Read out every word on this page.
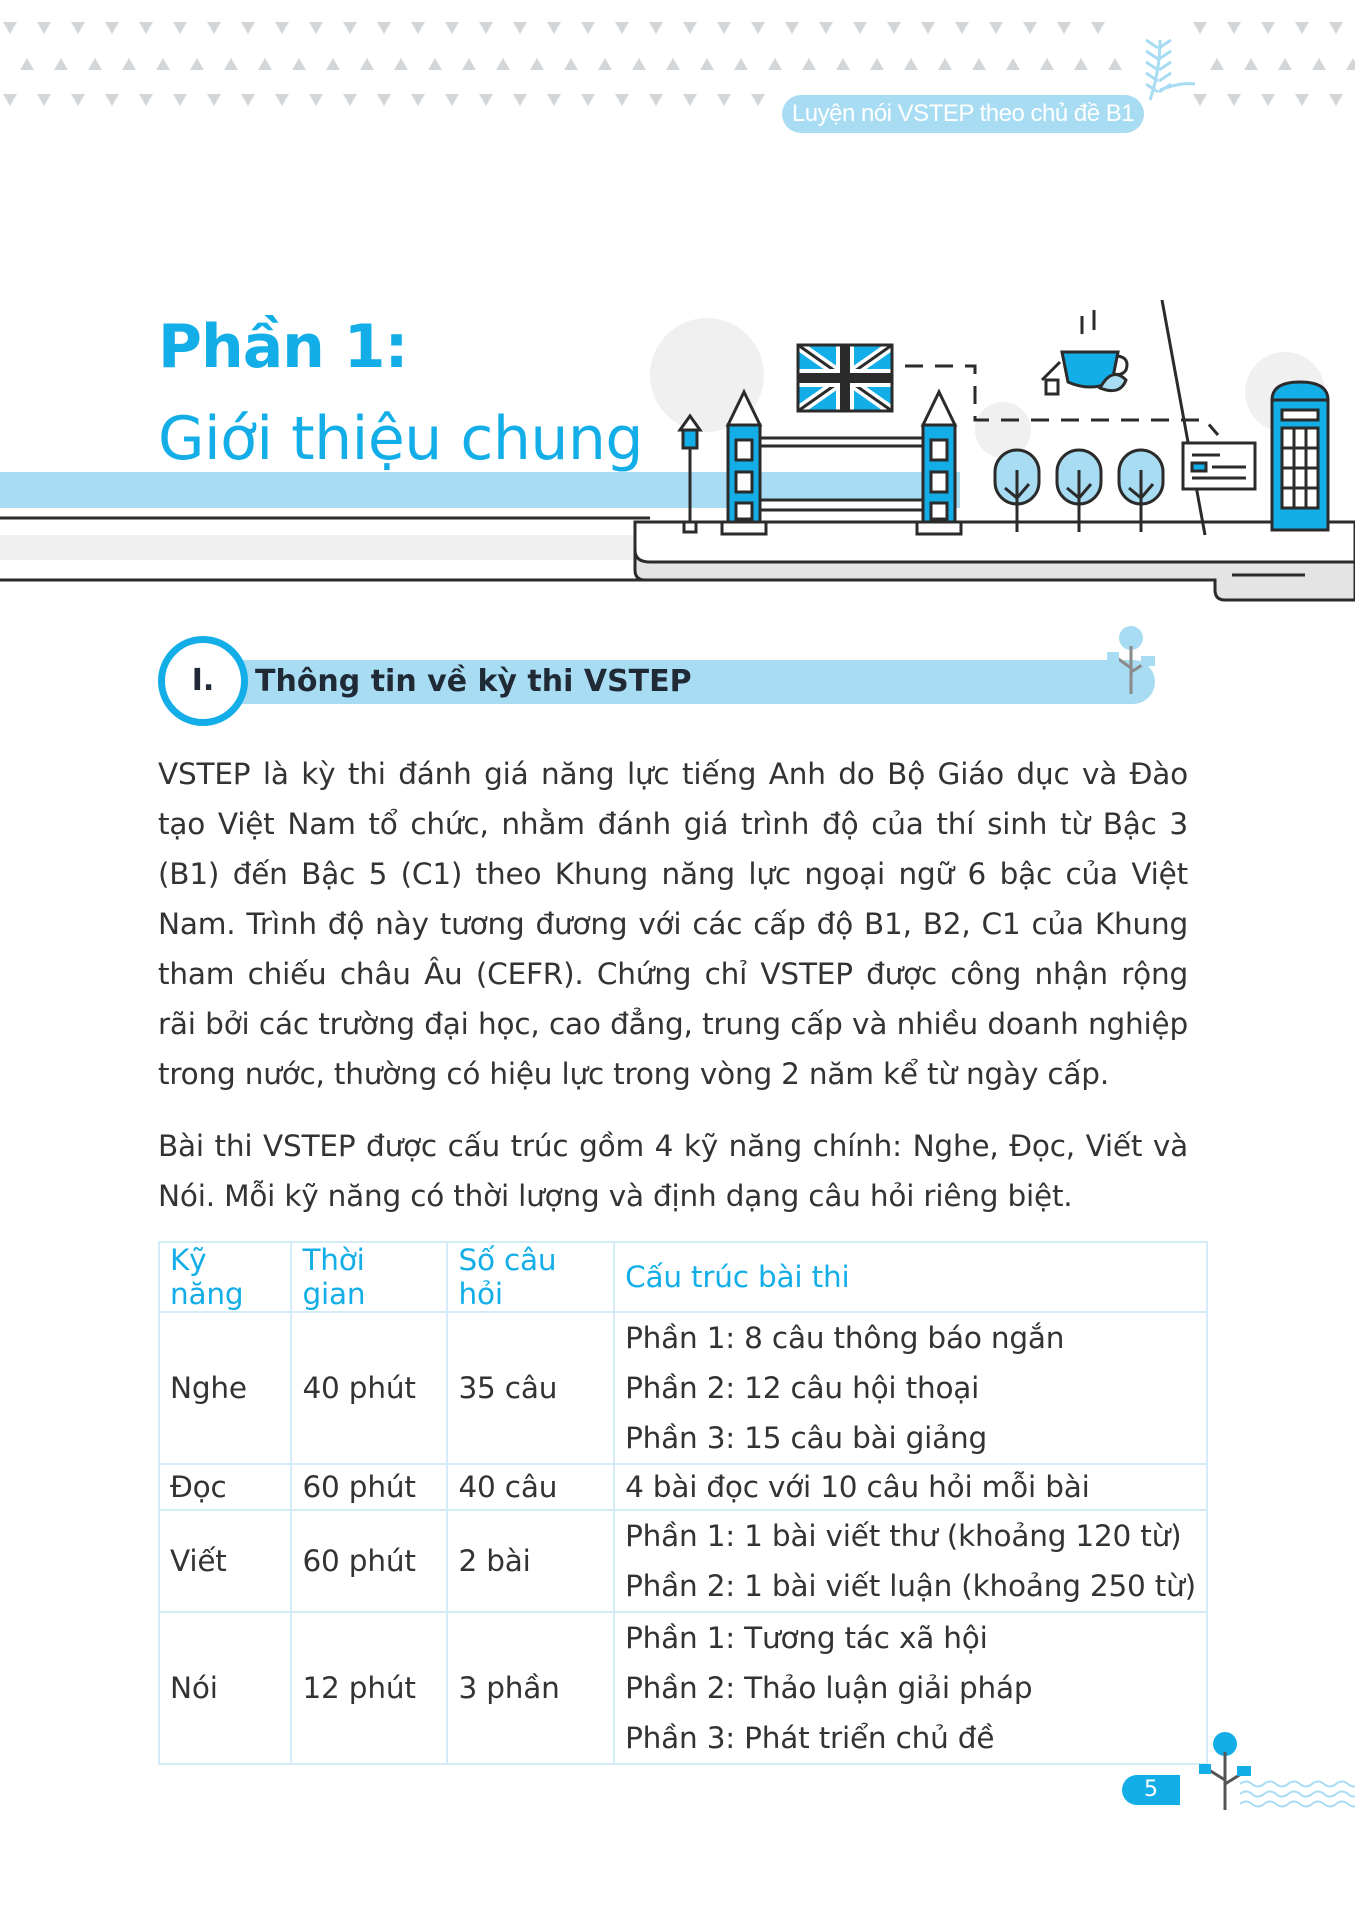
Luyện nói VSTEP theo chủ đề B1 B2
Phần 1:
Giới thiệu chung
I.	Thông tin về kỳ thi VSTEP

VSTEP là kỳ thi đánh giá năng lực tiếng Anh do Bộ Giáo dục và Đào tạo Việt Nam tổ chức, nhằm đánh giá trình độ của thí sinh từ Bậc 3 (B1) đến Bậc 5 (C1) theo Khung năng lực ngoại ngữ 6 bậc của Việt Nam. Trình độ này tương đương với các cấp độ B1, B2, C1 của Khung tham chiếu châu Âu (CEFR). Chứng chỉ VSTEP được công nhận rộng rãi bởi các trường đại học, cao đẳng, trung cấp và nhiều doanh nghiệp trong nước, thường có hiệu lực trong vòng 2 năm kể từ ngày cấp.

Bài thi VSTEP được cấu trúc gồm 4 kỹ năng chính: Nghe, Đọc, Viết và Nói. Mỗi kỹ năng có thời lượng và định dạng câu hỏi riêng biệt.

Kỹ năng	Thời gian	Số câu hỏi	Cấu trúc bài thi
Nghe	40 phút	35 câu	Phần 1: 8 câu thông báo ngắn
Phần 2: 12 câu hội thoại
Phần 3: 15 câu bài giảng

Đọc	60 phút	40 câu	4 bài đọc với 10 câu hỏi mỗi bài

Viết	60 phút	2 bài	Phần 1: 1 bài viết thư (khoảng 120 từ)
Phần 2: 1 bài viết luận (khoảng 250 từ)

Nói	12 phút	3 phần	Phần 1: Tương tác xã hội
Phần 2: Thảo luận giải pháp
Phần 3: Phát triển chủ đề
5
